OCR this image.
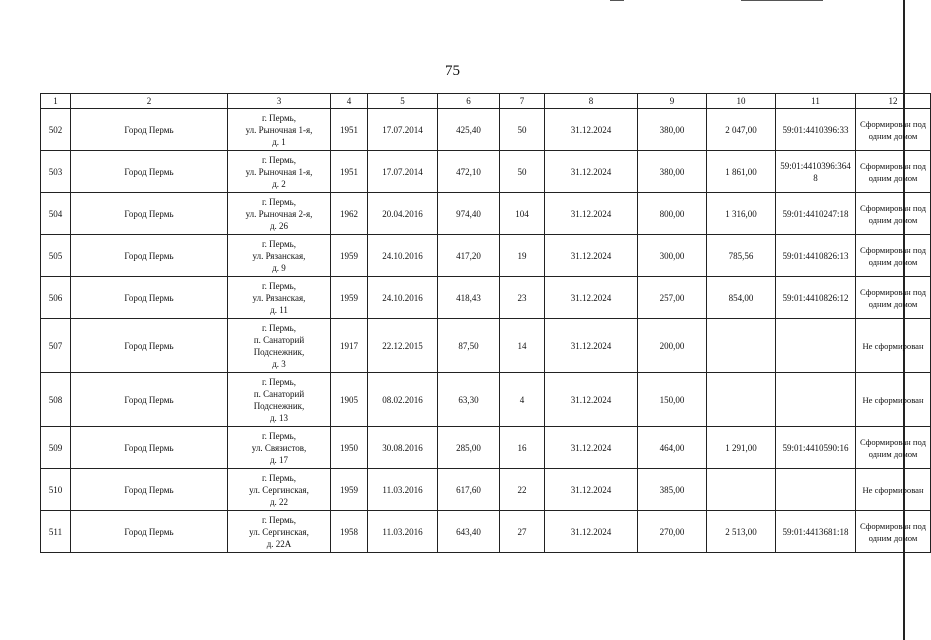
75
1	2	3	4	5	6	7	8	9	10	11	12
502	Город Пермь	г. Пермь,
ул. Рыночная 1-я,
д. 1	1951	17.07.2014	425,40	50	31.12.2024	380,00	2 047,00	59:01:4410396:33	Сформирован под одним домом
503	Город Пермь	г. Пермь,
ул. Рыночная 1-я,
д. 2	1951	17.07.2014	472,10	50	31.12.2024	380,00	1 861,00	59:01:4410396:364 8	Сформирован под одним домом
504	Город Пермь	г. Пермь,
ул. Рыночная 2-я,
д. 26	1962	20.04.2016	974,40	104	31.12.2024	800,00	1 316,00	59:01:4410247:18	Сформирован под одним домом
505	Город Пермь	г. Пермь,
ул. Рязанская,
д. 9	1959	24.10.2016	417,20	19	31.12.2024	300,00	785,56	59:01:4410826:13	Сформирован под одним домом
506	Город Пермь	г. Пермь,
ул. Рязанская,
д. 11	1959	24.10.2016	418,43	23	31.12.2024	257,00	854,00	59:01:4410826:12	Сформирован под одним домом
507	Город Пермь	г. Пермь,
п. Санаторий
Подснежник,
д. 3	1917	22.12.2015	87,50	14	31.12.2024	200,00			Не сформирован
508	Город Пермь	г. Пермь,
п. Санаторий
Подснежник,
д. 13	1905	08.02.2016	63,30	4	31.12.2024	150,00			Не сформирован
509	Город Пермь	г. Пермь,
ул. Связистов,
д. 17	1950	30.08.2016	285,00	16	31.12.2024	464,00	1 291,00	59:01:4410590:16	Сформирован под одним домом
510	Город Пермь	г. Пермь,
ул. Сергинская,
д. 22	1959	11.03.2016	617,60	22	31.12.2024	385,00			Не сформирован
511	Город Пермь	г. Пермь,
ул. Сергинская,
д. 22А	1958	11.03.2016	643,40	27	31.12.2024	270,00	2 513,00	59:01:4413681:18	Сформирован под одним домом
